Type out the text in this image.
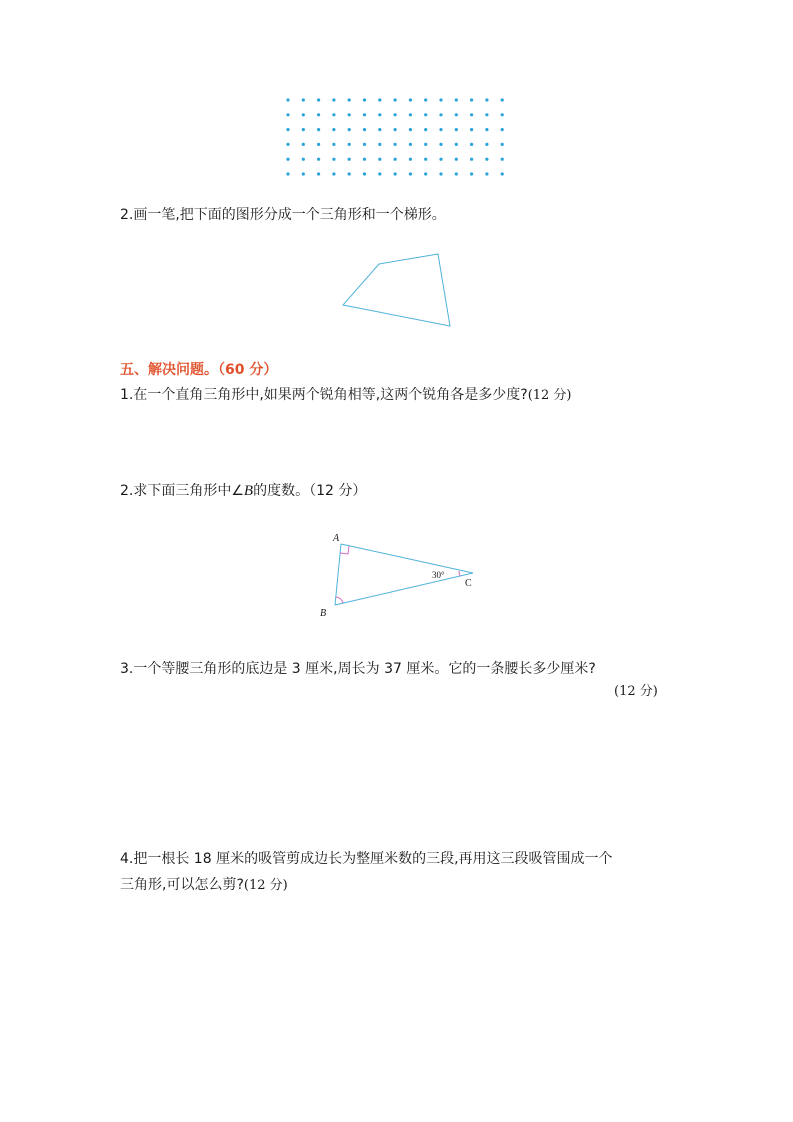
2.画一笔,把下面的图形分成一个三角形和一个梯形。
五、解决问题。（60 分）
1.在一个直角三角形中,如果两个锐角相等,这两个锐角各是多少度?(12 分)
2.求下面三角形中∠B的度数。（12 分）
A
B
C
30°
3.一个等腰三角形的底边是 3 厘米,周长为 37 厘米。它的一条腰长多少厘米?
(12 分)
4.把一根长 18 厘米的吸管剪成边长为整厘米数的三段,再用这三段吸管围成一个
三角形,可以怎么剪?(12 分)
